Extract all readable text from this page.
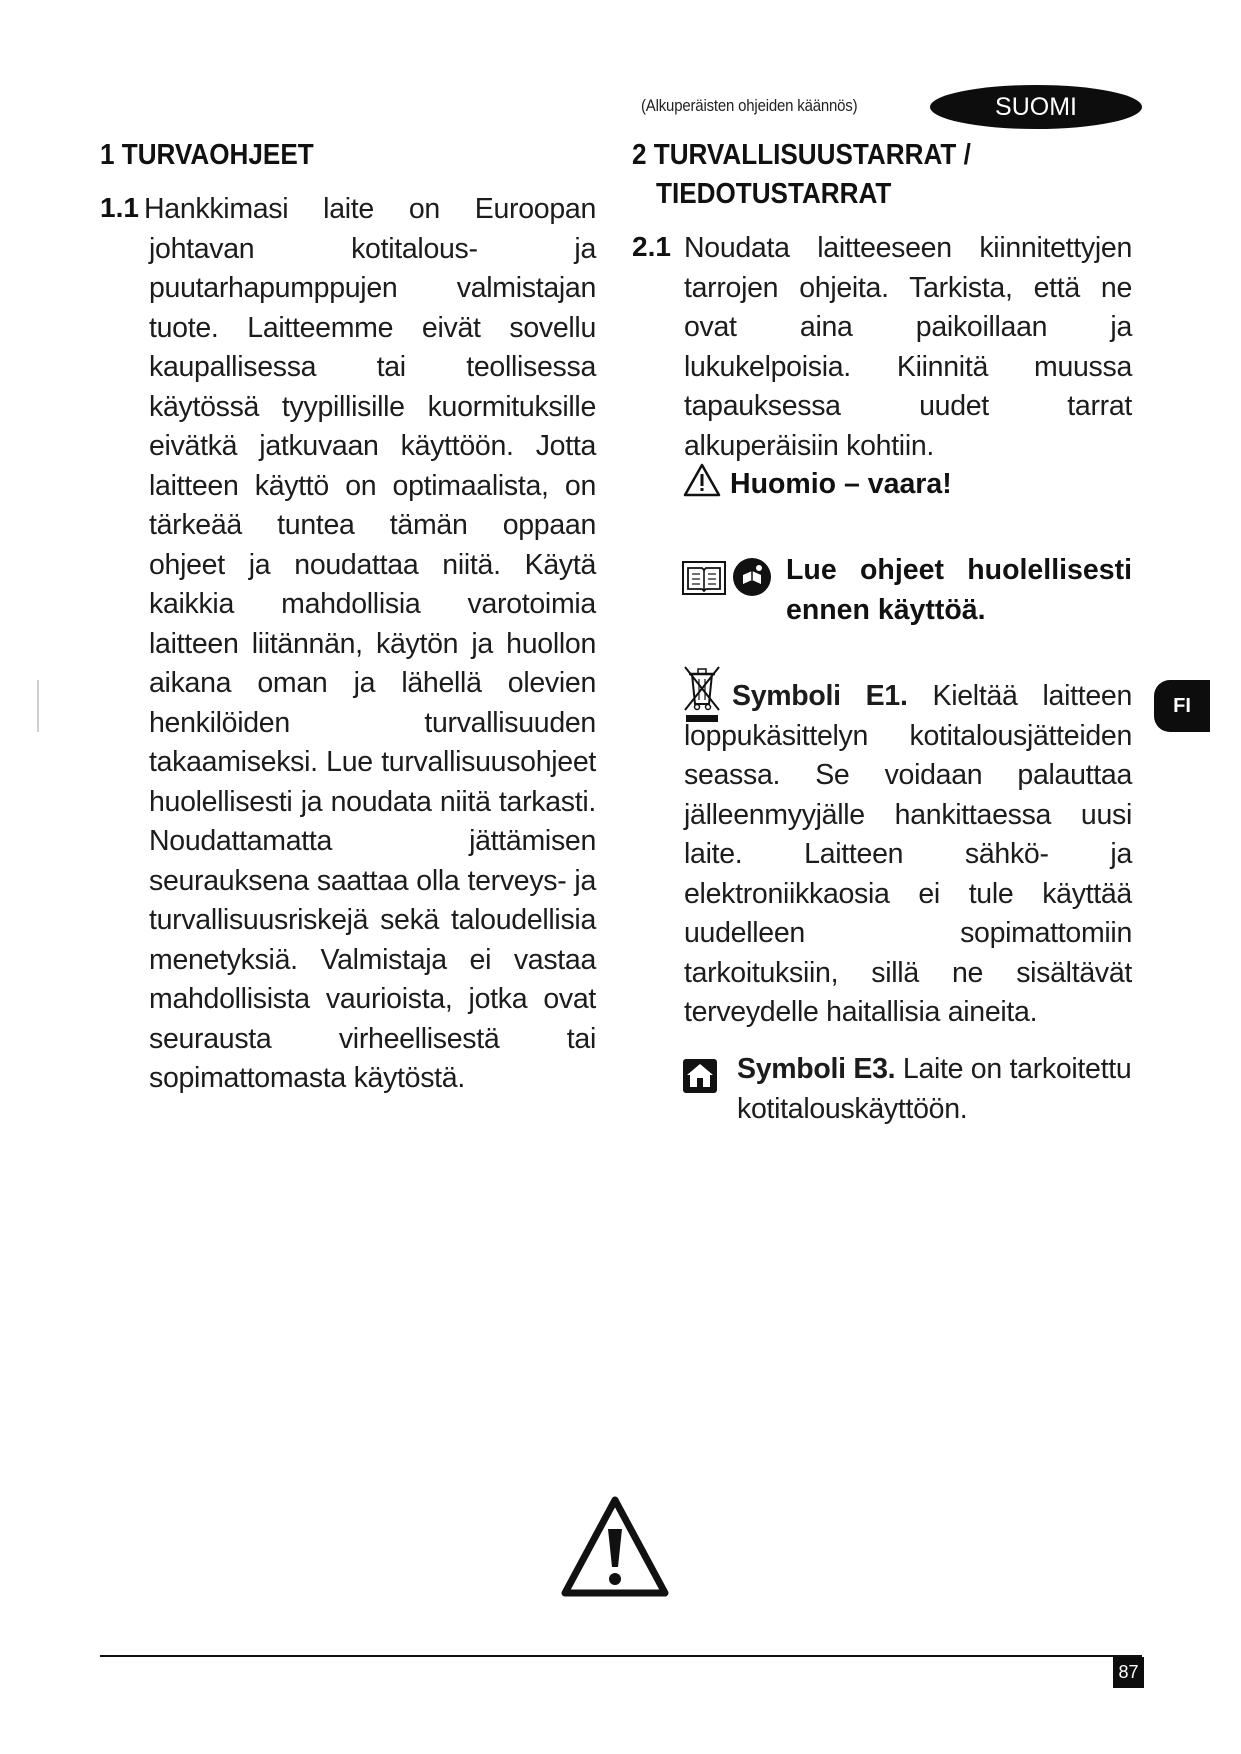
(Alkuperäisten ohjeiden käännös)	SUOMI
1 TURVAOHJEET
1.1 Hankkimasi laite on Euroopan johtavan kotitalous- ja puutarhapumppujen valmistajan tuote. Laitteemme eivät sovellu kaupallisessa tai teollisessa käytössä tyypillisille kuormituksille eivätkä jatkuvaan käyttöön. Jotta laitteen käyttö on optimaalista, on tärkeää tuntea tämän oppaan ohjeet ja noudattaa niitä. Käytä kaikkia mahdollisia varotoimia laitteen liitännän, käytön ja huollon aikana oman ja lähellä olevien henkilöiden turvallisuuden takaamiseksi. Lue turvallisuusohjeet huolellisesti ja noudata niitä tarkasti. Noudattamatta jättämisen seurauksena saattaa olla terveys- ja turvallisuusriskejä sekä taloudellisia menetyksiä. Valmistaja ei vastaa mahdollisista vaurioista, jotka ovat seurausta virheellisestä tai sopimattomasta käytöstä.
2 TURVALLISUUSTARRAT /
TIEDOTUSTARRAT
2.1 Noudata laitteeseen kiinnitettyjen tarrojen ohjeita. Tarkista, että ne ovat aina paikoillaan ja lukukelpoisia. Kiinnitä muussa tapauksessa uudet tarrat alkuperäisiin kohtiin.
Huomio – vaara!
Lue ohjeet huolellisesti ennen käyttöä.
Symboli E1. Kieltää laitteen loppukäsittelyn kotitalousjätteiden seassa. Se voidaan palauttaa jälleenmyyjälle hankittaessa uusi laite. Laitteen sähkö- ja elektroniikkaosia ei tule käyttää uudelleen sopimattomiin tarkoituksiin, sillä ne sisältävät terveydelle haitallisia aineita.
Symboli E3. Laite on tarkoitettu kotitalouskäyttöön.
FI
87
